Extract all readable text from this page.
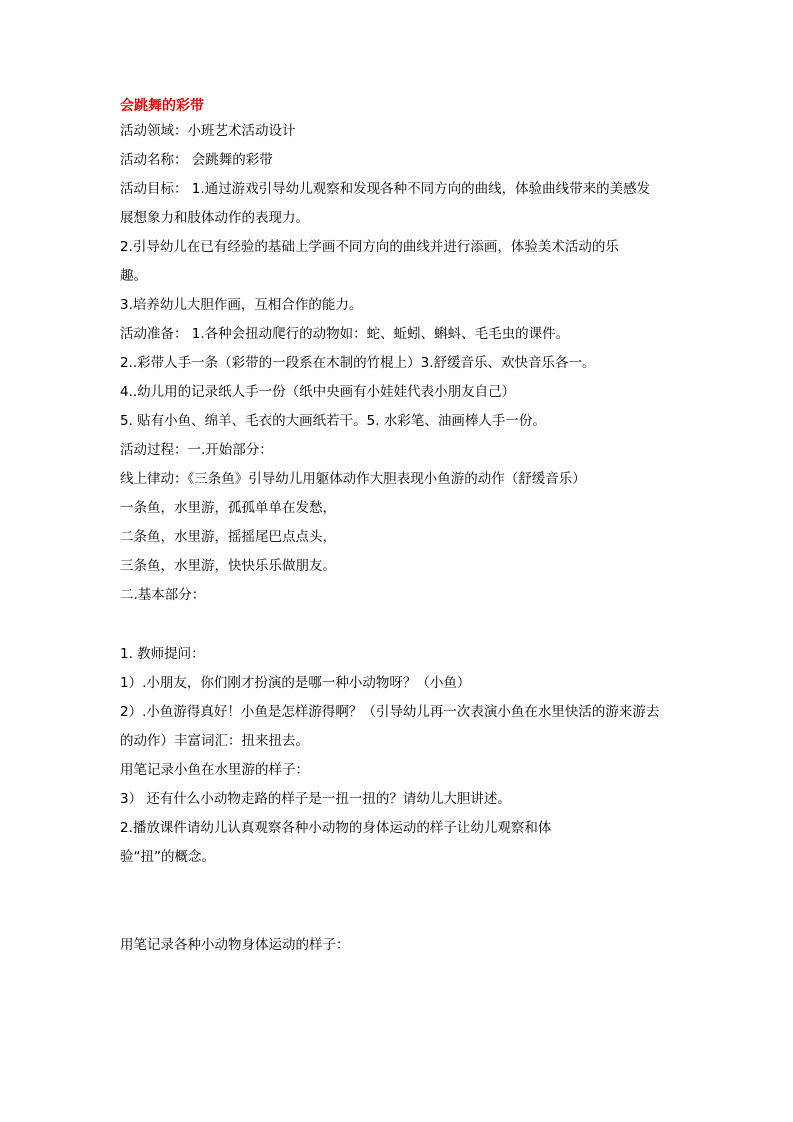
会跳舞的彩带
活动领域：小班艺术活动设计
活动名称： 会跳舞的彩带
活动目标： 1.通过游戏引导幼儿观察和发现各种不同方向的曲线，体验曲线带来的美感发
展想象力和肢体动作的表现力。
2.引导幼儿在已有经验的基础上学画不同方向的曲线并进行添画，体验美术活动的乐
趣。
3.培养幼儿大胆作画，互相合作的能力。
活动准备： 1.各种会扭动爬行的动物如：蛇、蚯蚓、蝌蚪、毛毛虫的课件。
2..彩带人手一条（彩带的一段系在木制的竹棍上）3.舒缓音乐、欢快音乐各一。
4..幼儿用的记录纸人手一份（纸中央画有小娃娃代表小朋友自己）
5. 贴有小鱼、绵羊、毛衣的大画纸若干。5. 水彩笔、油画棒人手一份。
活动过程：一.开始部分：
线上律动：《三条鱼》引导幼儿用躯体动作大胆表现小鱼游的动作（舒缓音乐）
一条鱼，水里游，孤孤单单在发愁，
二条鱼，水里游，摇摇尾巴点点头，
三条鱼，水里游，快快乐乐做朋友。
二.基本部分：
1. 教师提问：
1）.小朋友，你们刚才扮演的是哪一种小动物呀？（小鱼）
2）.小鱼游得真好！小鱼是怎样游得啊？（引导幼儿再一次表演小鱼在水里快活的游来游去
的动作）丰富词汇：扭来扭去。
用笔记录小鱼在水里游的样子：
3） 还有什么小动物走路的样子是一扭一扭的？请幼儿大胆讲述。
2.播放课件请幼儿认真观察各种小动物的身体运动的样子让幼儿观察和体
验“扭”的概念。
用笔记录各种小动物身体运动的样子：
